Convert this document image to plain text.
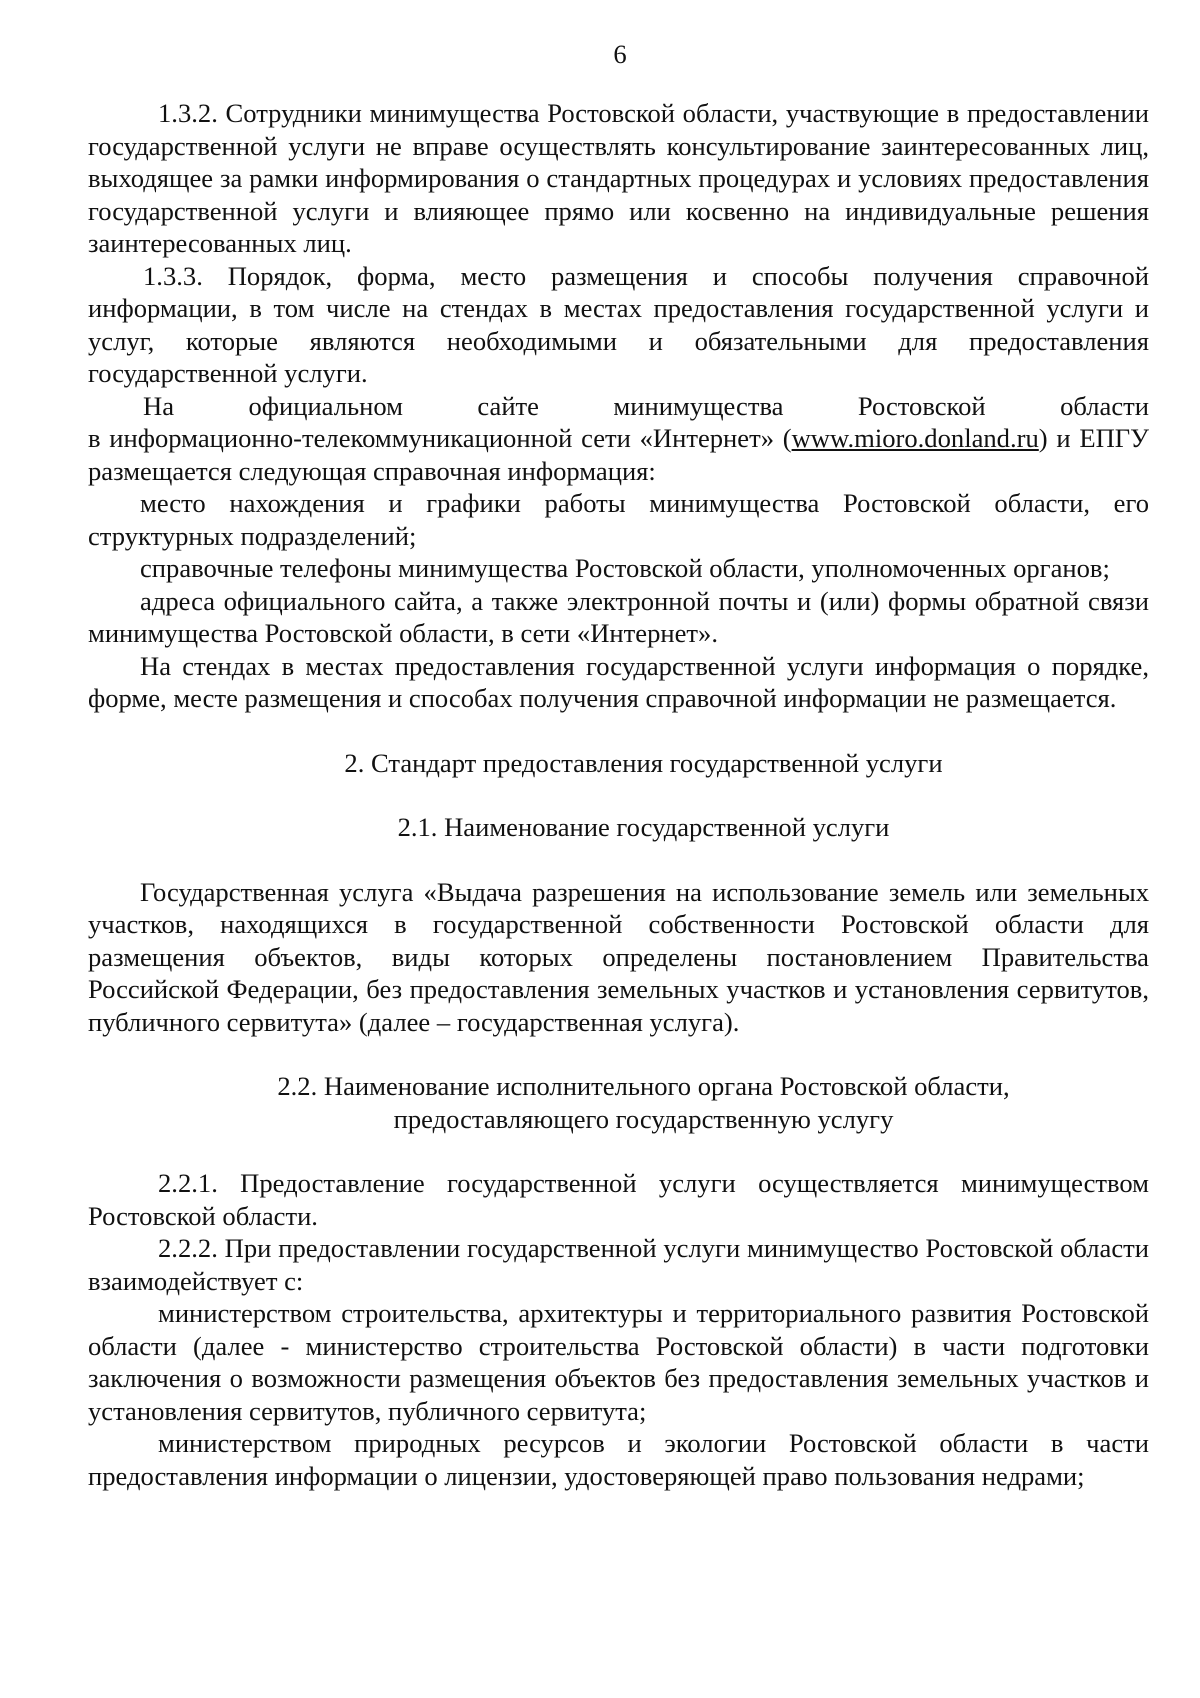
6

1.3.2. Сотрудники минимущества Ростовской области, участвующие в предоставлении государственной услуги не вправе осуществлять консультирование заинтересованных лиц, выходящее за рамки информирования о стандартных процедурах и условиях предоставления государственной услуги и влияющее прямо или косвенно на индивидуальные решения заинтересованных лиц.

1.3.3. Порядок, форма, место размещения и способы получения справочной информации, в том числе на стендах в местах предоставления государственной услуги и услуг, которые являются необходимыми и обязательными для предоставления государственной услуги.

На официальном сайте минимущества Ростовской области

в информационно-телекоммуникационной сети «Интернет» (www.mioro.donland.ru) и ЕПГУ размещается следующая справочная информация:

место нахождения и графики работы минимущества Ростовской области, его структурных подразделений;

справочные телефоны минимущества Ростовской области, уполномоченных органов;

адреса официального сайта, а также электронной почты и (или) формы обратной связи минимущества Ростовской области, в сети «Интернет».

На стендах в местах предоставления государственной услуги информация о порядке, форме, месте размещения и способах получения справочной информации не размещается.

2. Стандарт предоставления государственной услуги

2.1. Наименование государственной услуги

Государственная услуга «Выдача разрешения на использование земель или земельных участков, находящихся в государственной собственности Ростовской области для размещения объектов, виды которых определены постановлением Правительства Российской Федерации, без предоставления земельных участков и установления сервитутов, публичного сервитута» (далее – государственная услуга).

2.2. Наименование исполнительного органа Ростовской области,

предоставляющего государственную услугу

2.2.1. Предоставление государственной услуги осуществляется минимуществом Ростовской области.

2.2.2. При предоставлении государственной услуги минимущество Ростовской области взаимодействует с:

министерством строительства, архитектуры и территориального развития Ростовской области (далее - министерство строительства Ростовской области) в части подготовки заключения о возможности размещения объектов без предоставления земельных участков и установления сервитутов, публичного сервитута;

министерством природных ресурсов и экологии Ростовской области в части предоставления информации о лицензии, удостоверяющей право пользования недрами;
